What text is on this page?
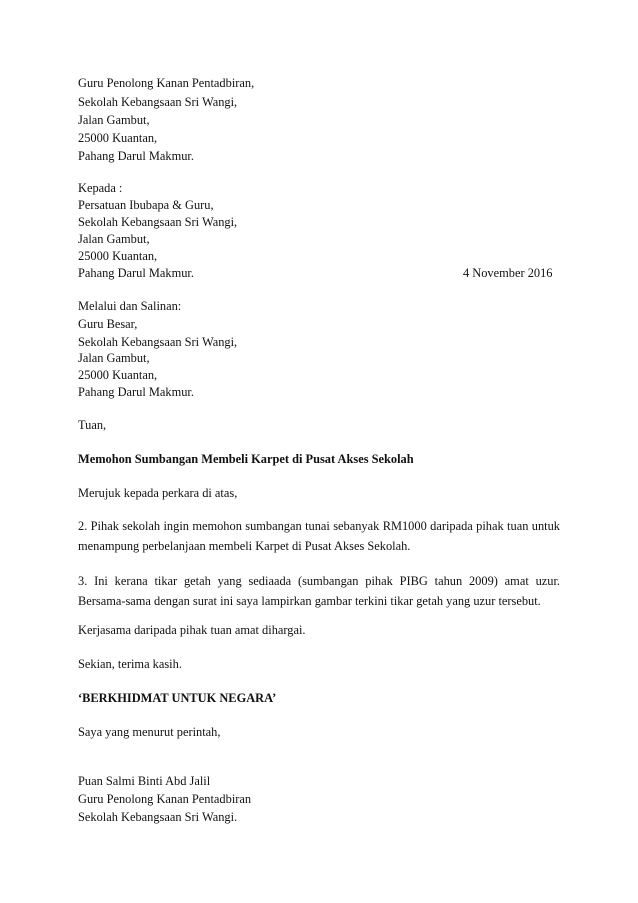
Guru Penolong Kanan Pentadbiran,
Sekolah Kebangsaan Sri Wangi,
Jalan Gambut,
25000 Kuantan,
Pahang Darul Makmur.
Kepada :
Persatuan Ibubapa & Guru,
Sekolah Kebangsaan Sri Wangi,
Jalan Gambut,
25000 Kuantan,
Pahang Darul Makmur.	4 November 2016
Melalui dan Salinan:
Guru Besar,
Sekolah Kebangsaan Sri Wangi,
Jalan Gambut,
25000 Kuantan,
Pahang Darul Makmur.
Tuan,
Memohon Sumbangan Membeli Karpet di Pusat Akses Sekolah
Merujuk kepada perkara di atas,
2. Pihak sekolah ingin memohon sumbangan tunai sebanyak RM1000 daripada pihak tuan untuk menampung perbelanjaan membeli Karpet di Pusat Akses Sekolah.
3. Ini kerana tikar getah yang sediaada (sumbangan pihak PIBG tahun 2009) amat uzur. Bersama-sama dengan surat ini saya lampirkan gambar terkini tikar getah yang uzur tersebut.
Kerjasama daripada pihak tuan amat dihargai.
Sekian, terima kasih.
‘BERKHIDMAT UNTUK NEGARA’
Saya yang menurut perintah,
Puan Salmi Binti Abd Jalil
Guru Penolong Kanan Pentadbiran
Sekolah Kebangsaan Sri Wangi.
